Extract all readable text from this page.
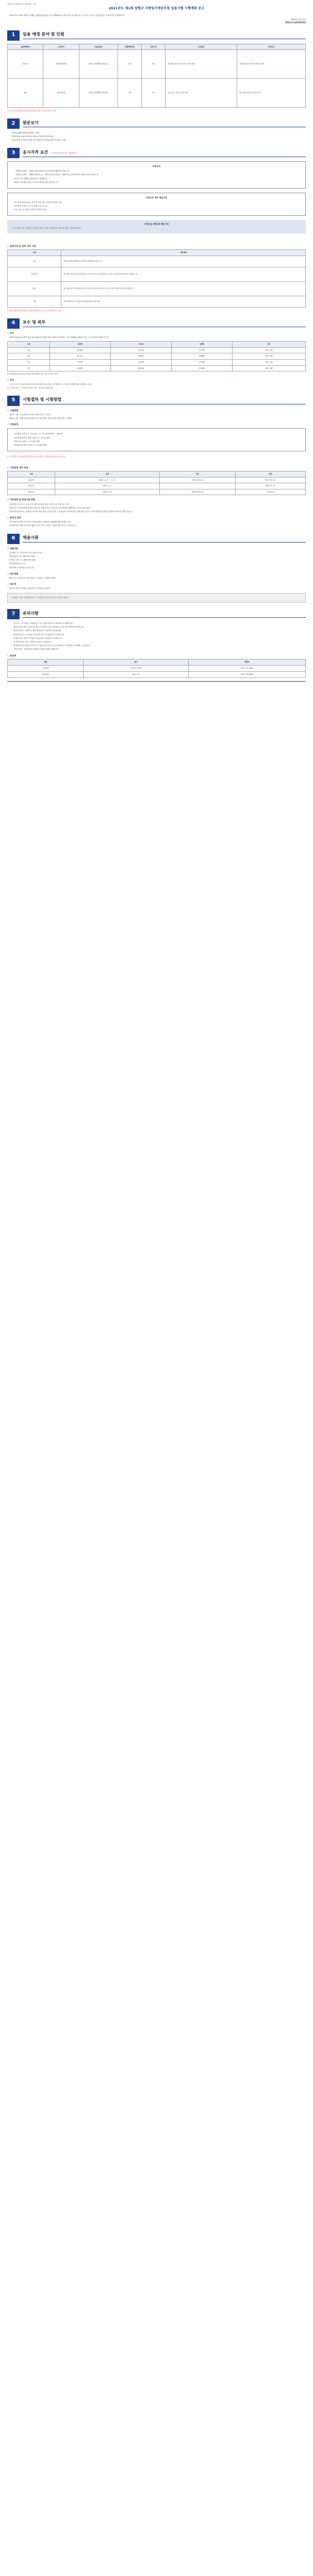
양평군인사위원회 공고 제2021 - 1호
2021년도 제1회 양평군 지방임기제공무원 임용시험 시행계획 공고
2021년도 제1회 양평군 지방임기제공무원 임용시험 시행계획을 다음과 같이 공고합니다. 응시자는 공고문 전문을 반드시 확인하시기 바랍니다.
2021년 1월 11일
양평군인사위원회위원장
1	임용 예정 분야 및 인원
임용예정분야	근무부서	직급(상당)	임용예정인원	임용기간	주요업무	자격요건
정보통신	기획예산담당관	지방시간선택제임기제 나급	1명	2년	정보통신 관련 업무 총괄 및 보안 관리	정보통신 관련 학위 및 경력 소지자
홍보	홍보담당관	지방시간선택제임기제 다급	1명	2년	군정 홍보 기획 및 언론 대응	홍보 관련 학위 및 경력 소지자
※ 근무실적 등에 따라 5년의 범위 내에서 임용기간을 연장할 수 있음
2	원문보기
지방공무원법 제25조(임용의 기준)
지방공무원 임용령 제21조의2(임기제공무원의 임용)
지방공무원 인사분야 통합지침 (제2편 임기제공무원 인사관리 규정)
3	응시자격 요건 ※ (기준일) 면접시험 시행예정일
공통요건
「지방공무원법」 제31조(결격사유)의 결격사유에 해당하지 않는 자
「지방공무원법」 제66조(정년) 및 「지방공무원 임용령」 제61조의 규정에 의한 정년에 달하지 않은 자
남자의 경우 병역을 필하였거나 면제된 자
양평군 임기제공무원 응시자격 경력요건을 충족하는 자
자격요건 세부 적용기준
응시자격 경력요건은 자격증, 학위 취득 이후의 경력만 인정
경력기간 산정은 공고일 현재 기준으로 함
동일 기간 내 중복된 경력은 하나만 인정
자격증 및 경력조회 방법 안내
※ 응시원서 접수 시 제출한 자격증 및 경력은 관련 기관 확인을 거쳐 허위 기재 시 합격을 취소함
○ 관련자격 및 경력 세부 사항
구분	세부내용
공통	지방공무원법 제31조의 결격사유에 해당되지 않는 자
정보통신	정보통신 관련 분야 학사학위 취득 후 3년 이상 실무경력자 또는 동등 이상의 자격이 있다고 인정되는 자
홍보	홍보 관련 분야 학사학위 취득 후 3년 이상 실무경력자 또는 동등 이상의 자격이 있다고 인정되는 자
기타	기타 자격요건은 지방공무원 임용령 별표 등을 따름
※ 경력은 해당 분야 정규직, 임기제, 계약직 등으로 근무한 기간을 모두 포함
4	보수 및 복무
○ 보수
지방공무원보수규정에 의한 임기제공무원 연봉 범위 내에서 결정하며, 시간선택제임기제공무원은 근무시간에 비례하여 지급
구분	상한액	기준액	하한액	비고
나급	69,650	55,720	41,790	단위: 천원
다급	61,130	48,910	36,680	단위: 천원
라급	53,240	42,590	31,940	단위: 천원
마급	45,970	36,780	27,580	단위: 천원
※ 임기제공무원의 연봉은 직급별 범위 내에서 경력 등을 고려하여 결정
○ 복무
근무시간은 주 20시간(1일 4시간)을 원칙으로 하며, 근무형태는 부서 업무 여건에 따라 조정할 수 있음
※ 그 밖의 복무는 「지방공무원 복무규정」 및 관련 법령을 따름
5	시험절차 및 시험방법
○ 시험방법
제1차 시험: 서류전형 (응시자격 적격 여부 등 심사)
제2차 시험: 면접시험 (공무원으로서 정신자세, 전문지식과 응용능력 등 평정)
○ 시험일정
원서접수: 2021. 1. 21.(목) ~ 1. 27.(수) 09:00 ~ 18:00
서류전형 합격자 발표: 2021. 2. 3.(수) 예정
면접시험: 2021. 2. 9.(화) 예정
최종합격자 발표: 2021. 2. 16.(화) 예정
※ 시험일정은 사정에 따라 변경될 수 있으며 변경 시 양평군청 홈페이지에 공고함
○ 시험일정 세부 안내
구분	일정	장소	비고
원서접수	2021. 1. 21. ~ 1. 27.	양평군청 총무과	방문·우편 접수
서류전형	2021. 2. 3.	-	홈페이지 공고
면접시험	2021. 2. 9.	양평군청 회의실	개별 통보
○ 서류전형 및 면접시험 방법
서류전형: 응시자격 요건 충족 여부 및 관련 경력, 자격 등을 서면으로 심사
면접시험: 서류전형 합격자를 대상으로 전문지식과 응용능력, 의사표현의 정확성과 논리성 등을 평정
면접시험 평정요소: 공무원으로서의 정신자세, 전문지식과 그 응용능력, 의사표현의 정확성과 논리성, 예의·품행 및 성실성, 창의력·의지력 및 발전 가능성
○ 합격자 결정
서류전형 합격자: 응시자격 요건을 갖춘 자 중에서 선발예정인원의 배수 이내
최종합격자: 면접시험 평정 결과 "우수" 또는 "보통" 등급을 받은 자 중 고득점자 순
6	채용시류
○ 제출서류
응시원서 및 자기소개서 1부 (별지 서식)
경력증명서 1부 (해당자에 한함)
자격증 사본 1부 (해당자에 한함)
최종학력증명서 1부
개인정보 수집·이용 동의서 1부
○ 접수방법
방문 또는 우편 접수 (우편 접수 시 마감일 도착분에 한함)
○ 접수처
경기도 양평군 양평읍 군청앞길 2, 양평군청 총무과
※ 제출된 서류는 반환하지 않으며, 기재내용이 사실과 다를 경우 합격을 취소함
7	유의사항
응시자는 응시자격, 시험일정 등 공고 내용을 반드시 확인하시기 바랍니다.
제출서류에 허위 사실이 있거나 응시자격 요건을 충족하지 못한 경우 합격을 취소합니다.
최종합격자는 신원조사 결과 결격사유가 없어야 임용됩니다.
면접시험 당일 응시표와 신분증을 반드시 지참하시기 바랍니다.
시험에 관한 문의는 양평군청 총무과로 연락하시기 바랍니다.
적격자가 없는 경우 선발하지 않을 수 있습니다.
최종합격자 중 임용포기자 또는 결격사유 발생 시 차순위자를 추가 합격자로 결정할 수 있습니다.
기타 사항은 지방공무원 임용령 및 관련 법령을 따릅니다.
○ 문의처
구분	부서	연락처
시험관련	총무과 인사팀	031-770-2062
업무관련	해당 부서	031-770-2000
